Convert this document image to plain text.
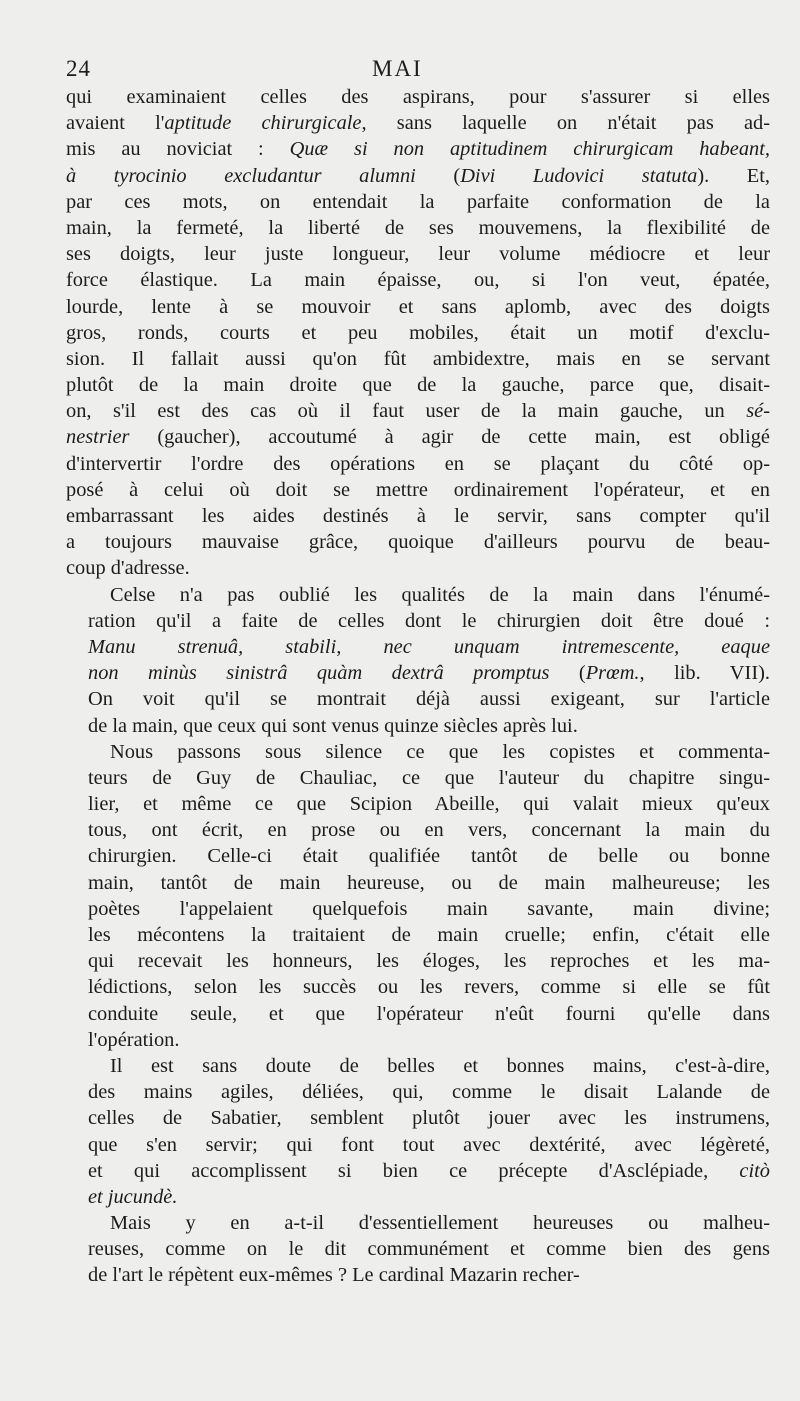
24	MAI

qui examinaient celles des aspirans, pour s'assurer si elles
avaient l'aptitude chirurgicale, sans laquelle on n'était pas ad-
mis au noviciat : Quæ si non aptitudinem chirurgicam habeant,
à tyrocinio excludantur alumni (Divi Ludovici statuta). Et,
par ces mots, on entendait la parfaite conformation de la
main, la fermeté, la liberté de ses mouvemens, la flexibilité de
ses doigts, leur juste longueur, leur volume médiocre et leur
force élastique. La main épaisse, ou, si l'on veut, épatée,
lourde, lente à se mouvoir et sans aplomb, avec des doigts
gros, ronds, courts et peu mobiles, était un motif d'exclu-
sion. Il fallait aussi qu'on fût ambidextre, mais en se servant
plutôt de la main droite que de la gauche, parce que, disait-
on, s'il est des cas où il faut user de la main gauche, un sé-
nestrier (gaucher), accoutumé à agir de cette main, est obligé
d'intervertir l'ordre des opérations en se plaçant du côté op-
posé à celui où doit se mettre ordinairement l'opérateur, et en
embarrassant les aides destinés à le servir, sans compter qu'il
a toujours mauvaise grâce, quoique d'ailleurs pourvu de beau-
coup d'adresse.

Celse n'a pas oublié les qualités de la main dans l'énumé-
ration qu'il a faite de celles dont le chirurgien doit être doué :
Manu strenuâ, stabili, nec unquam intremescente, eaque
non minùs sinistrâ quàm dextrâ promptus (Prœm., lib. VII).
On voit qu'il se montrait déjà aussi exigeant, sur l'article
de la main, que ceux qui sont venus quinze siècles après lui.

Nous passons sous silence ce que les copistes et commenta-
teurs de Guy de Chauliac, ce que l'auteur du chapitre singu-
lier, et même ce que Scipion Abeille, qui valait mieux qu'eux
tous, ont écrit, en prose ou en vers, concernant la main du
chirurgien. Celle-ci était qualifiée tantôt de belle ou bonne
main, tantôt de main heureuse, ou de main malheureuse; les
poètes l'appelaient quelquefois main savante, main divine;
les mécontens la traitaient de main cruelle; enfin, c'était elle
qui recevait les honneurs, les éloges, les reproches et les ma-
lédictions, selon les succès ou les revers, comme si elle se fût
conduite seule, et que l'opérateur n'eût fourni qu'elle dans
l'opération.

Il est sans doute de belles et bonnes mains, c'est-à-dire,
des mains agiles, déliées, qui, comme le disait Lalande de
celles de Sabatier, semblent plutôt jouer avec les instrumens,
que s'en servir; qui font tout avec dextérité, avec légèreté,
et qui accomplissent si bien ce précepte d'Asclépiade, citò
et jucundè.

Mais y en a-t-il d'essentiellement heureuses ou malheu-
reuses, comme on le dit communément et comme bien des gens
de l'art le répètent eux-mêmes ? Le cardinal Mazarin recher-
